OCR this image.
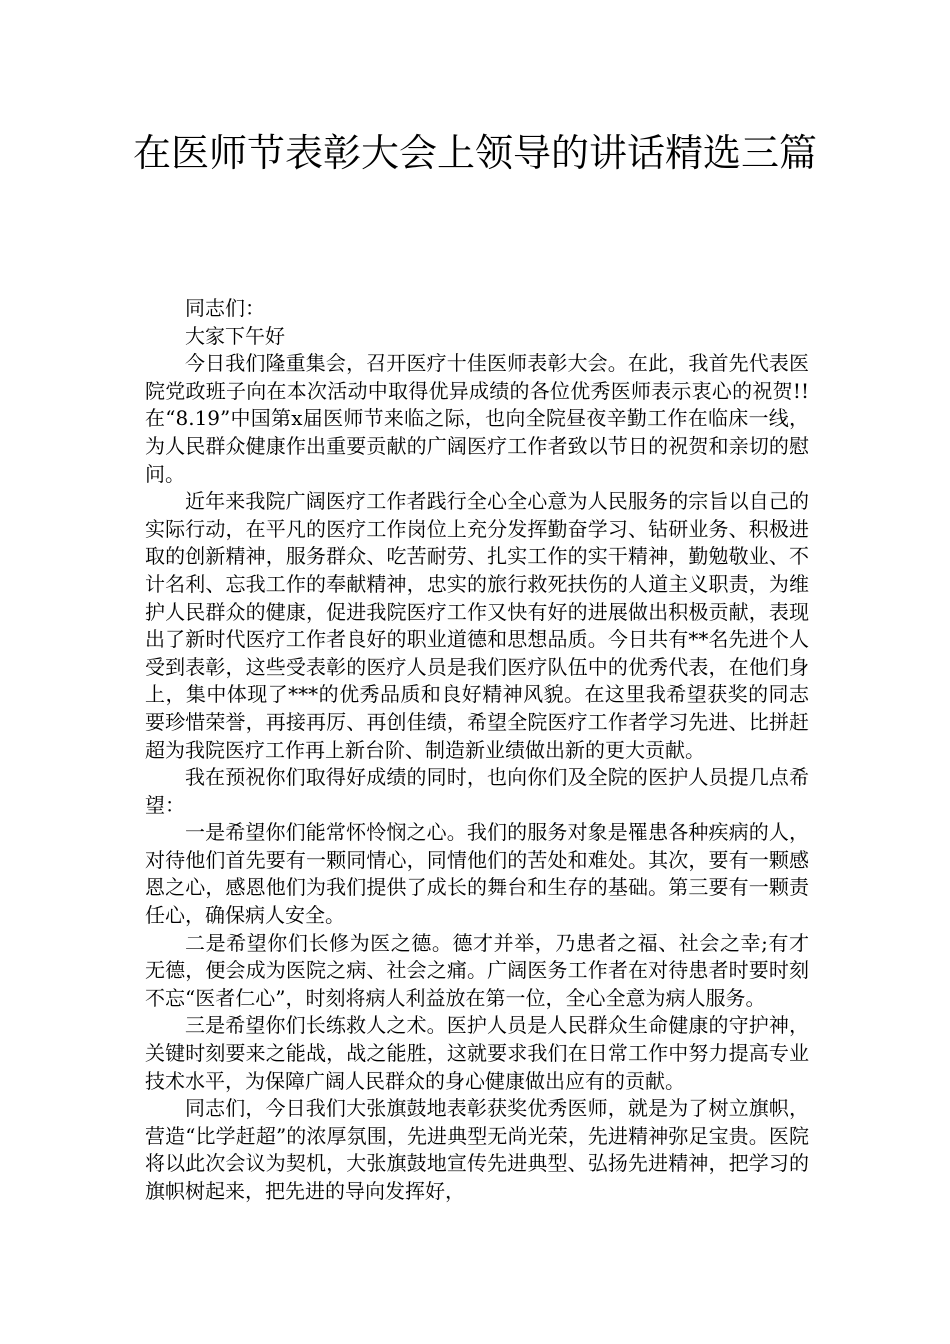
在医师节表彰大会上领导的讲话精选三篇

同志们：

大家下午好

今日我们隆重集会，召开医疗十佳医师表彰大会。在此，我首先代表医院党政班子向在本次活动中取得优异成绩的各位优秀医师表示衷心的祝贺!!在“8.19”中国第x届医师节来临之际，也向全院昼夜辛勤工作在临床一线，为人民群众健康作出重要贡献的广阔医疗工作者致以节日的祝贺和亲切的慰问。

近年来我院广阔医疗工作者践行全心全心意为人民服务的宗旨以自己的实际行动，在平凡的医疗工作岗位上充分发挥勤奋学习、钻研业务、积极进取的创新精神，服务群众、吃苦耐劳、扎实工作的实干精神，勤勉敬业、不计名利、忘我工作的奉献精神，忠实的旅行救死扶伤的人道主义职责，为维护人民群众的健康，促进我院医疗工作又快有好的进展做出积极贡献，表现出了新时代医疗工作者良好的职业道德和思想品质。今日共有**名先进个人受到表彰，这些受表彰的医疗人员是我们医疗队伍中的优秀代表，在他们身上，集中体现了***的优秀品质和良好精神风貌。在这里我希望获奖的同志要珍惜荣誉，再接再厉、再创佳绩，希望全院医疗工作者学习先进、比拼赶超为我院医疗工作再上新台阶、制造新业绩做出新的更大贡献。

我在预祝你们取得好成绩的同时，也向你们及全院的医护人员提几点希望：

一是希望你们能常怀怜悯之心。我们的服务对象是罹患各种疾病的人，对待他们首先要有一颗同情心，同情他们的苦处和难处。其次，要有一颗感恩之心，感恩他们为我们提供了成长的舞台和生存的基础。第三要有一颗责任心，确保病人安全。

二是希望你们长修为医之德。德才并举，乃患者之福、社会之幸;有才无德，便会成为医院之病、社会之痛。广阔医务工作者在对待患者时要时刻不忘“医者仁心”，时刻将病人利益放在第一位，全心全意为病人服务。

三是希望你们长练救人之术。医护人员是人民群众生命健康的守护神，关键时刻要来之能战，战之能胜，这就要求我们在日常工作中努力提高专业技术水平，为保障广阔人民群众的身心健康做出应有的贡献。

同志们，今日我们大张旗鼓地表彰获奖优秀医师，就是为了树立旗帜，营造“比学赶超”的浓厚氛围，先进典型无尚光荣，先进精神弥足宝贵。医院将以此次会议为契机，大张旗鼓地宣传先进典型、弘扬先进精神，把学习的旗帜树起来，把先进的导向发挥好，
